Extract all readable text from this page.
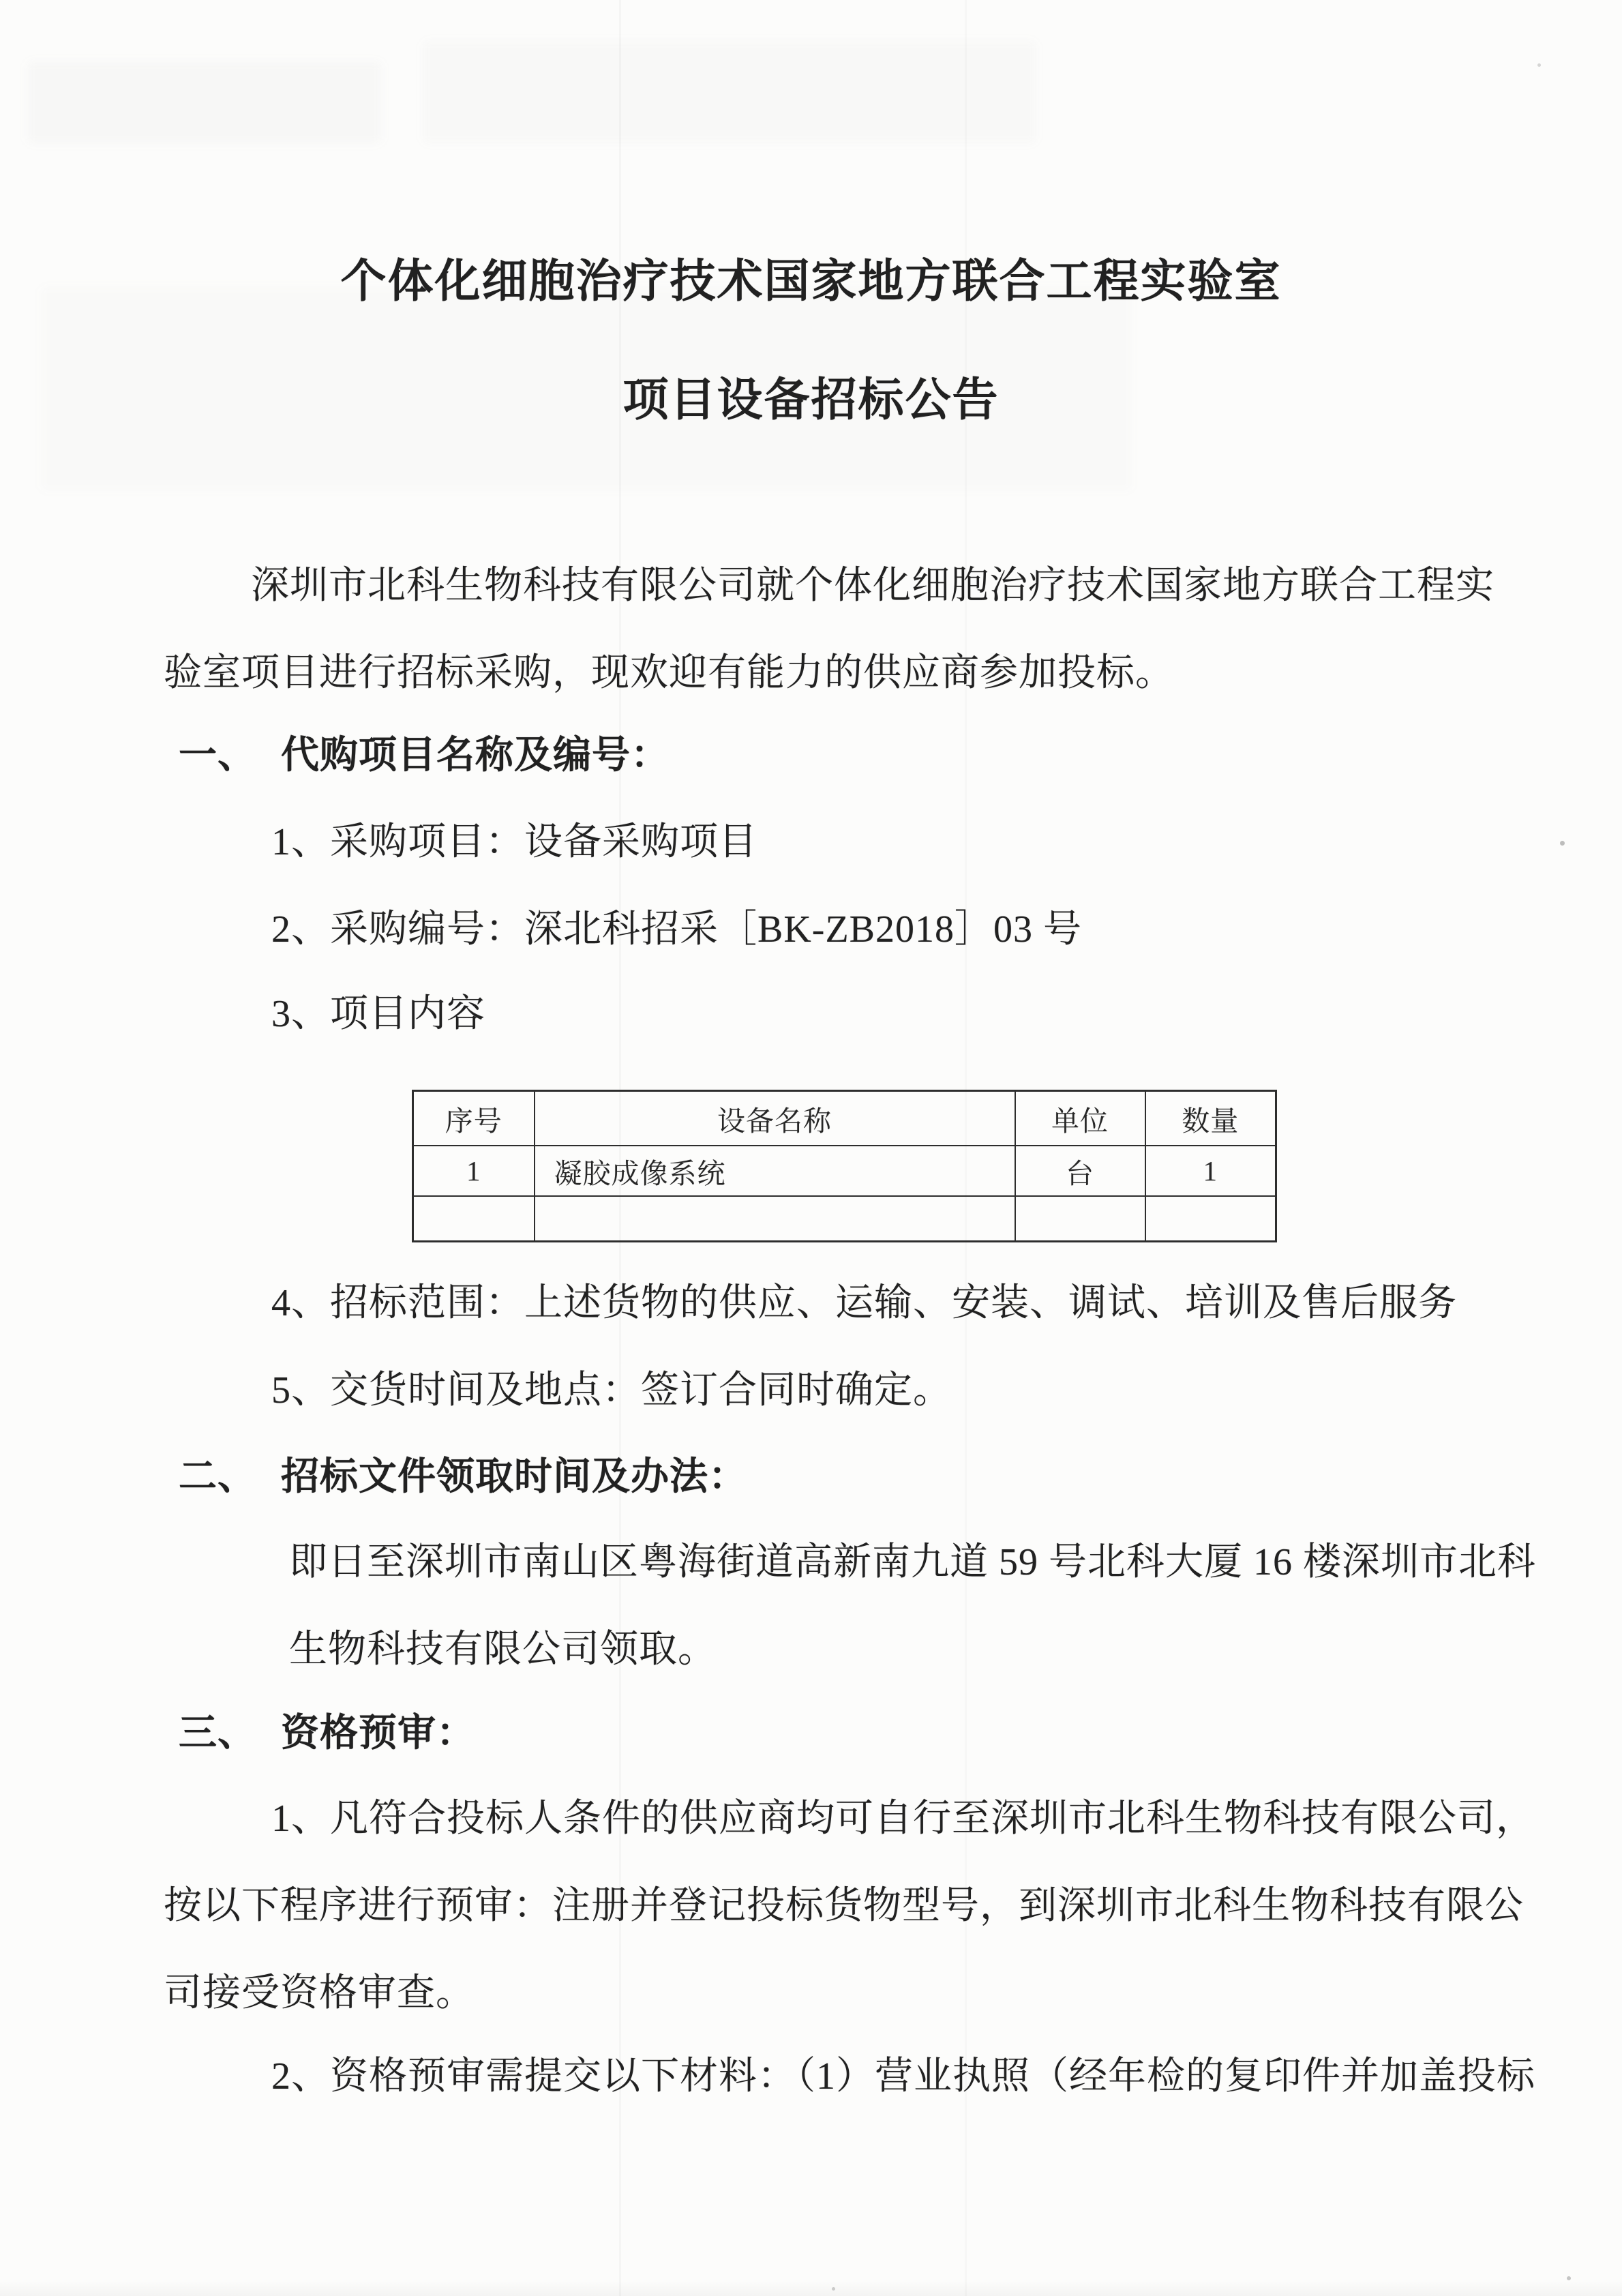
个体化细胞治疗技术国家地方联合工程实验室
项目设备招标公告
深圳市北科生物科技有限公司就个体化细胞治疗技术国家地方联合工程实
验室项目进行招标采购，现欢迎有能力的供应商参加投标。
一、 代购项目名称及编号：
1、采购项目：设备采购项目
2、采购编号：深北科招采［BK-ZB2018］03 号
3、项目内容
序号	设备名称	单位	数量
1	凝胶成像系统	台	1

4、招标范围：上述货物的供应、运输、安装、调试、培训及售后服务
5、交货时间及地点：签订合同时确定。
二、 招标文件领取时间及办法：
即日至深圳市南山区粤海街道高新南九道 59 号北科大厦 16 楼深圳市北科
生物科技有限公司领取。
三、 资格预审：
1、凡符合投标人条件的供应商均可自行至深圳市北科生物科技有限公司，
按以下程序进行预审：注册并登记投标货物型号，到深圳市北科生物科技有限公
司接受资格审查。
2、资格预审需提交以下材料：（1）营业执照（经年检的复印件并加盖投标
